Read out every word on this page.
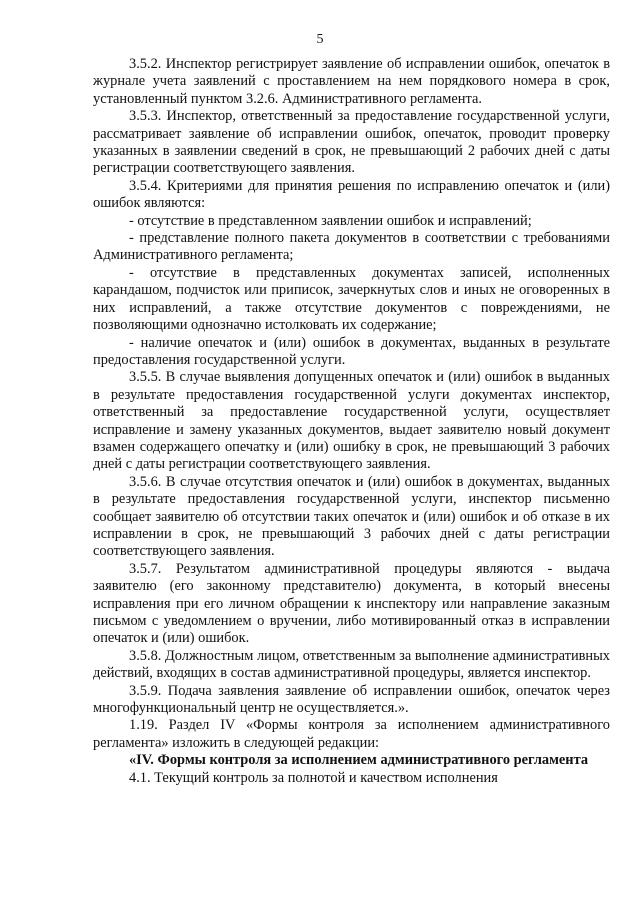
5

3.5.2. Инспектор регистрирует заявление об исправлении ошибок, опечаток в журнале учета заявлений с проставлением на нем порядкового номера в срок, установленный пунктом 3.2.6. Административного регламента.

3.5.3. Инспектор, ответственный за предоставление государственной услуги, рассматривает заявление об исправлении ошибок, опечаток, проводит проверку указанных в заявлении сведений в срок, не превышающий 2 рабочих дней с даты регистрации соответствующего заявления.

3.5.4. Критериями для принятия решения по исправлению опечаток и (или) ошибок являются:

- отсутствие в представленном заявлении ошибок и исправлений;

- представление полного пакета документов в соответствии с требованиями Административного регламента;

- отсутствие в представленных документах записей, исполненных карандашом, подчисток или приписок, зачеркнутых слов и иных не оговоренных в них исправлений, а также отсутствие документов с повреждениями, не позволяющими однозначно истолковать их содержание;

- наличие опечаток и (или) ошибок в документах, выданных в результате предоставления государственной услуги.

3.5.5. В случае выявления допущенных опечаток и (или) ошибок в выданных в результате предоставления государственной услуги документах инспектор, ответственный за предоставление государственной услуги, осуществляет исправление и замену указанных документов, выдает заявителю новый документ взамен содержащего опечатку и (или) ошибку в срок, не превышающий 3 рабочих дней с даты регистрации соответствующего заявления.

3.5.6. В случае отсутствия опечаток и (или) ошибок в документах, выданных в результате предоставления государственной услуги, инспектор письменно сообщает заявителю об отсутствии таких опечаток и (или) ошибок и об отказе в их исправлении в срок, не превышающий 3 рабочих дней с даты регистрации соответствующего заявления.

3.5.7. Результатом административной процедуры являются - выдача заявителю (его законному представителю) документа, в который внесены исправления при его личном обращении к инспектору или направление заказным письмом с уведомлением о вручении, либо мотивированный отказ в исправлении опечаток и (или) ошибок.

3.5.8. Должностным лицом, ответственным за выполнение административных действий, входящих в состав административной процедуры, является инспектор.

3.5.9. Подача заявления заявление об исправлении ошибок, опечаток через многофункциональный центр не осуществляется.».

1.19. Раздел IV «Формы контроля за исполнением административного регламента» изложить в следующей редакции:

«IV. Формы контроля за исполнением административного регламента

4.1. Текущий контроль за полнотой и качеством исполнения
